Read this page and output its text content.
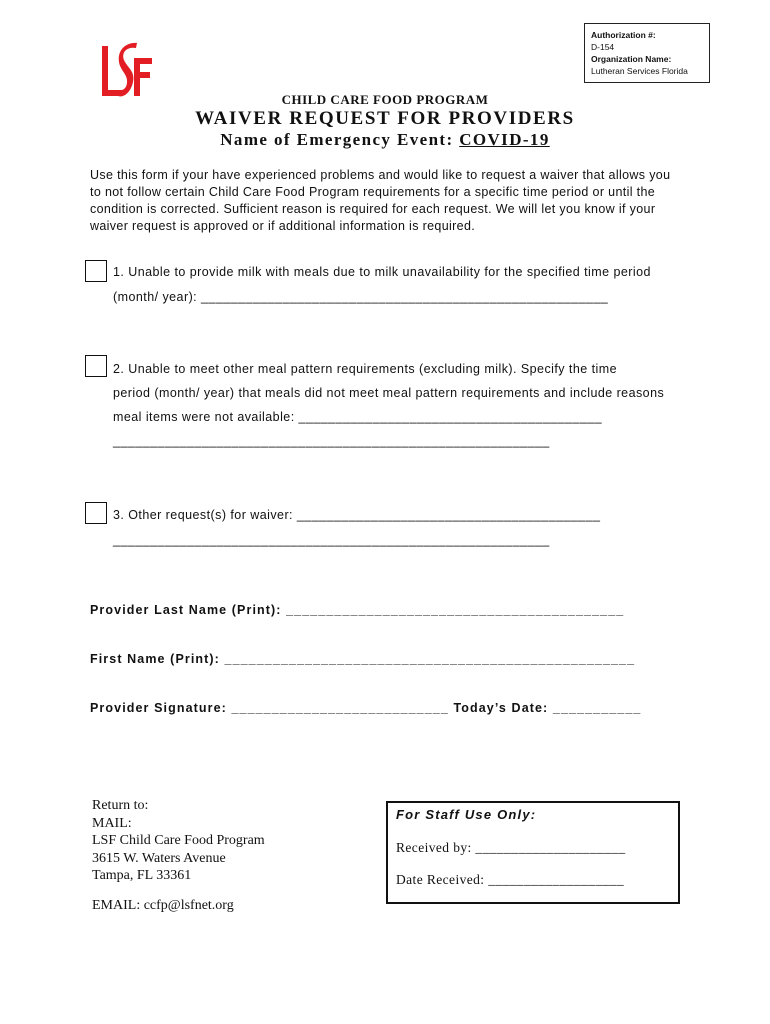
Authorization #:
D-154
Organization Name:
Lutheran Services Florida
CHILD CARE FOOD PROGRAM
WAIVER REQUEST FOR PROVIDERS
Name of Emergency Event: COVID-19
Use this form if your have experienced problems and would like to request a waiver that allows you to not follow certain Child Care Food Program requirements for a specific time period or until the condition is corrected. Sufficient reason is required for each request. We will let you know if your waiver request is approved or if additional information is required.
1. Unable to provide milk with meals due to milk unavailability for the specified time period
(month/ year): _______________________________________________________
2. Unable to meet other meal pattern requirements (excluding milk). Specify the time
period (month/ year) that meals did not meet meal pattern requirements and include reasons
meal items were not available: _________________________________________
___________________________________________________________
3. Other request(s) for waiver: _________________________________________
___________________________________________________________
Provider Last Name (Print): __________________________________________
First Name (Print): ___________________________________________________
Provider Signature: ___________________________ Today’s Date: ___________
Return to:
MAIL:
LSF Child Care Food Program
3615 W. Waters Avenue
Tampa, FL 33361
EMAIL: ccfp@lsfnet.org
For Staff Use Only:
Received by: _____________________
Date Received: ___________________
